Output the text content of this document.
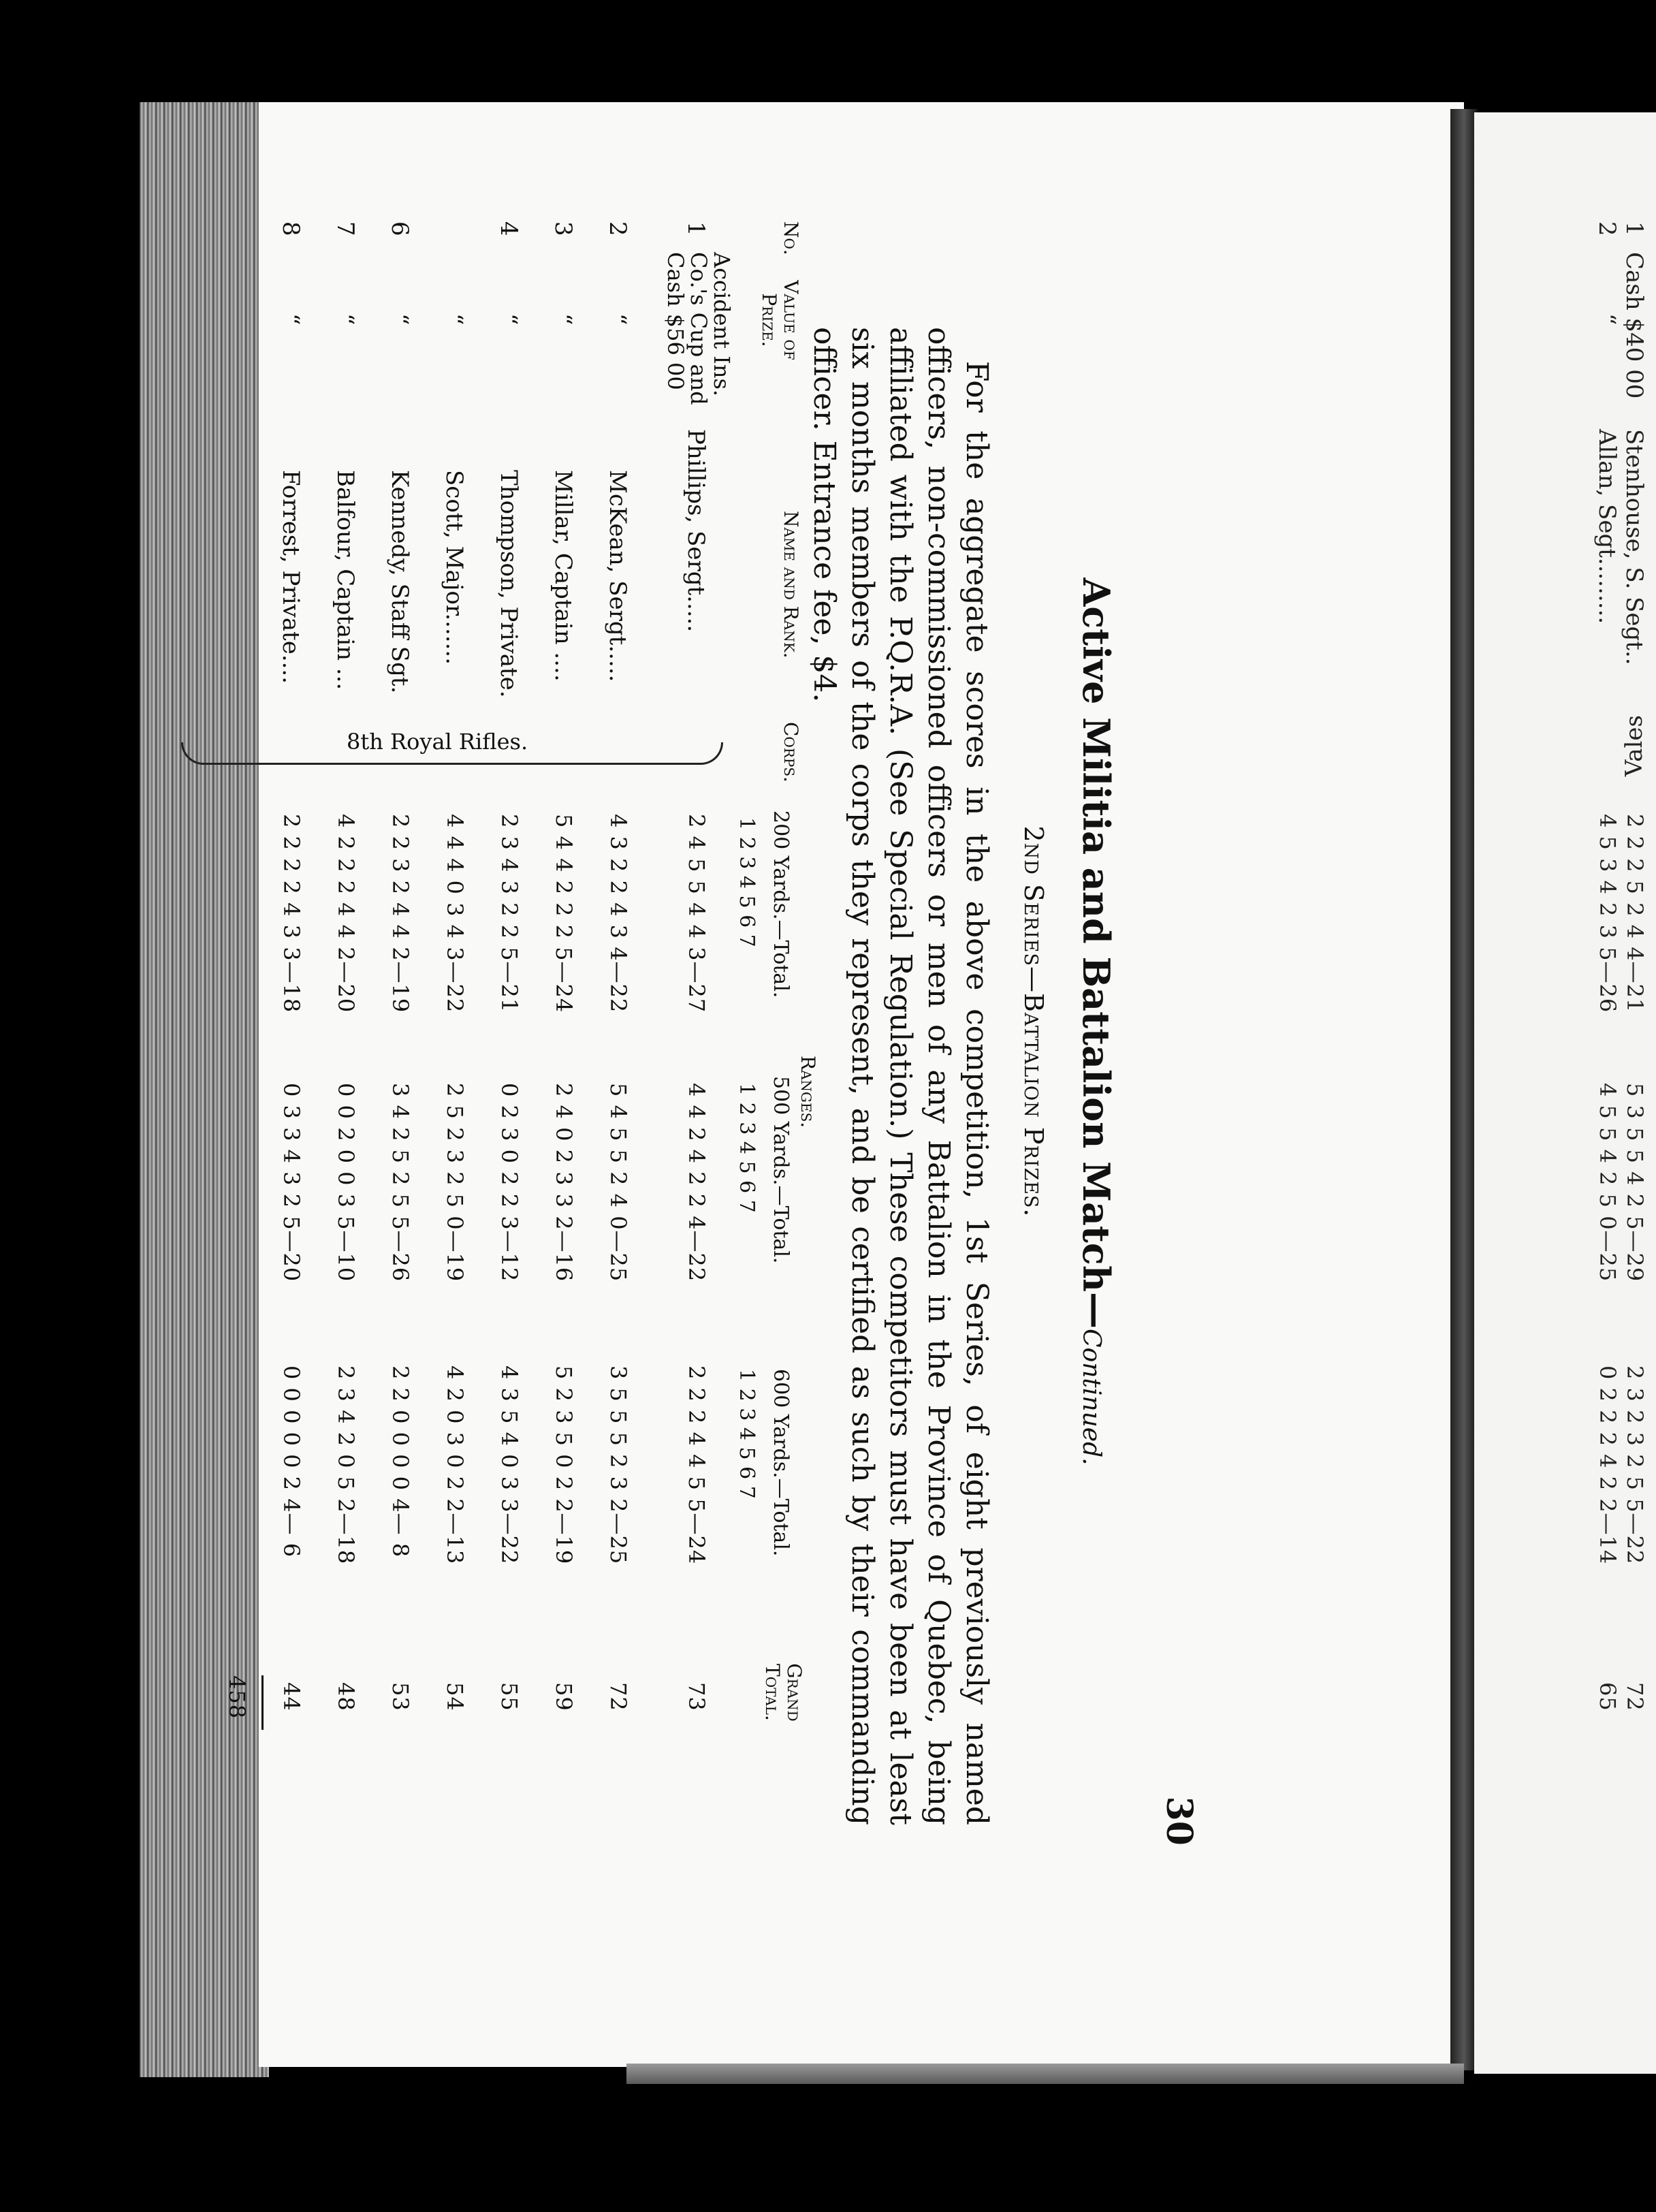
30
Active Militia and Battalion Match—Continued.
2nd Series—Battalion Prizes.
For the aggregate scores in the above competition, 1st Series, of eight previously named officers, non-commissioned officers or men of any Battalion in the Province of Quebec, being affiliated with the P.Q.R.A. (See Special Regulation.) These competitors must have been at least six months members of the corps they represent, and be certified as such by their commanding officer. Entrance fee, $4.
No.
Value of Prize.
Name and Rank.
Corps.
Ranges.
200 Yards.—Total.
500 Yards.—Total.
600 Yards.—Total.
Grand Total.
1 2 3 4 5 6 7
1 2 3 4 5 6 7
1 2 3 4 5 6 7
8th Royal Rifles.
1
Accident Ins. Co.'s Cup and Cash $56 00
Phillips, Sergt.....
2 4 5 5 4 4 3—27
4 4 2 4 2 2 4—22
2 2 2 4 4 5 5—24
73
2
“
McKean, Sergt.....
4 3 2 2 4 3 4—22
5 4 5 5 2 4 0—25
3 5 5 5 2 3 2—25
72
3
“
Millar, Captain ....
5 4 4 2 2 2 5—24
2 4 0 2 3 3 2—16
5 2 3 5 0 2 2—19
59
4
“
Thompson, Private.
2 3 4 3 2 2 5—21
0 2 3 0 2 2 3—12
4 3 5 4 0 3 3—22
55
“
Scott, Major.......
4 4 4 0 3 4 3—22
2 5 2 3 2 5 0—19
4 2 0 3 0 2 2—13
54
6
“
Kennedy, Staff Sgt.
2 2 3 2 4 4 2—19
3 4 2 5 2 5 5—26
2 2 0 0 0 0 4— 8
53
7
“
Balfour, Captain ...
4 2 2 2 4 4 2—20
0 0 2 0 0 3 5—10
2 3 4 2 0 5 2—18
48
8
“
Forrest, Private....
2 2 2 2 4 3 3—18
0 3 3 4 3 2 5—20
0 0 0 0 0 2 4— 6
44
458
1
Cash $40 00
Stenhouse, S. Segt..
Vales
2 2 2 5 2 4 4—21
5 3 5 5 4 2 5—29
2 3 2 3 2 5 5—22
72
2
“
Allan, Segt.........
4 5 3 4 2 3 5—26
4 5 5 4 2 5 0—25
0 2 2 2 4 2 2—14
65
